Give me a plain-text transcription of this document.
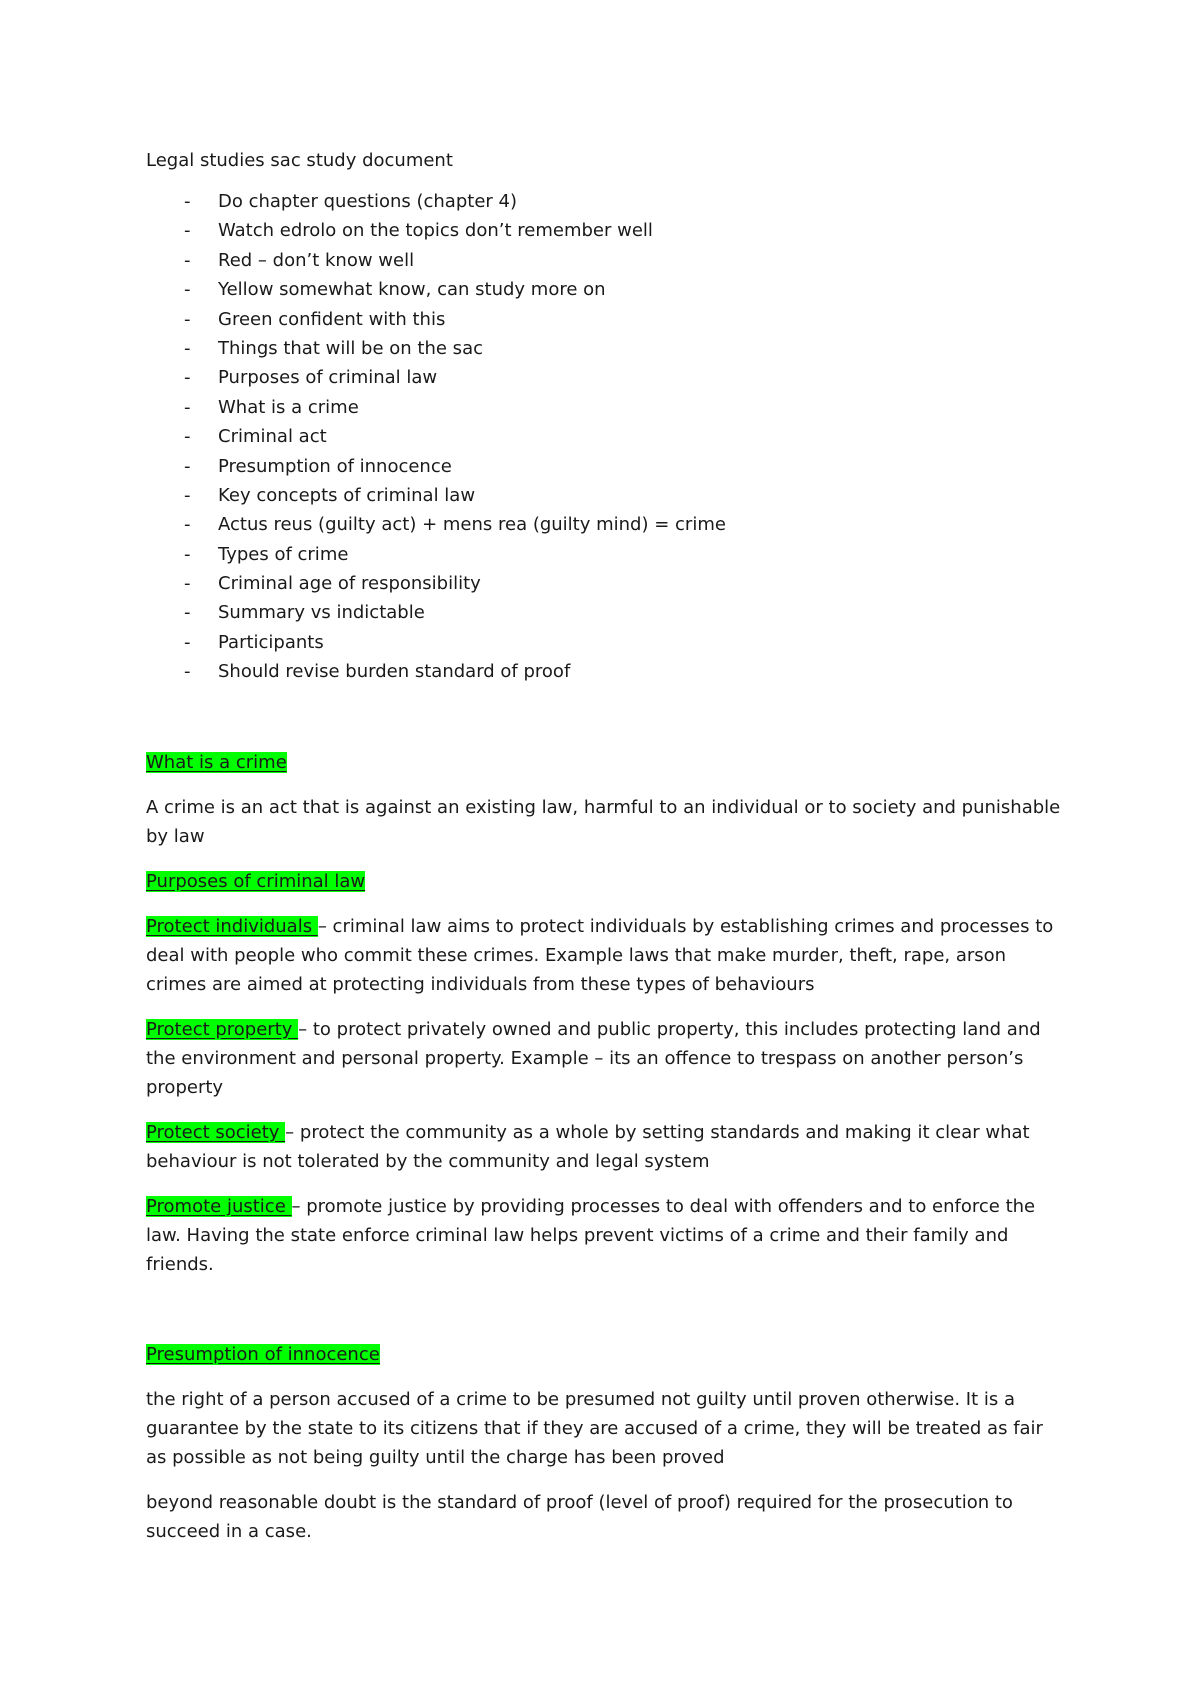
Legal studies sac study document
- Do chapter questions (chapter 4)
- Watch edrolo on the topics don’t remember well
- Red – don’t know well
- Yellow somewhat know, can study more on
- Green confident with this
- Things that will be on the sac
- Purposes of criminal law
- What is a crime
- Criminal act
- Presumption of innocence
- Key concepts of criminal law
- Actus reus (guilty act) + mens rea (guilty mind) = crime
- Types of crime
- Criminal age of responsibility
- Summary vs indictable
- Participants
- Should revise burden standard of proof
What is a crime

A crime is an act that is against an existing law, harmful to an individual or to society and punishable by law

Purposes of criminal law

Protect individuals – criminal law aims to protect individuals by establishing crimes and processes to deal with people who commit these crimes. Example laws that make murder, theft, rape, arson crimes are aimed at protecting individuals from these types of behaviours

Protect property – to protect privately owned and public property, this includes protecting land and the environment and personal property. Example – its an offence to trespass on another person’s property

Protect society – protect the community as a whole by setting standards and making it clear what behaviour is not tolerated by the community and legal system

Promote justice – promote justice by providing processes to deal with offenders and to enforce the law. Having the state enforce criminal law helps prevent victims of a crime and their family and friends.

Presumption of innocence

the right of a person accused of a crime to be presumed not guilty until proven otherwise. It is a guarantee by the state to its citizens that if they are accused of a crime, they will be treated as fair as possible as not being guilty until the charge has been proved

beyond reasonable doubt is the standard of proof (level of proof) required for the prosecution to succeed in a case.
